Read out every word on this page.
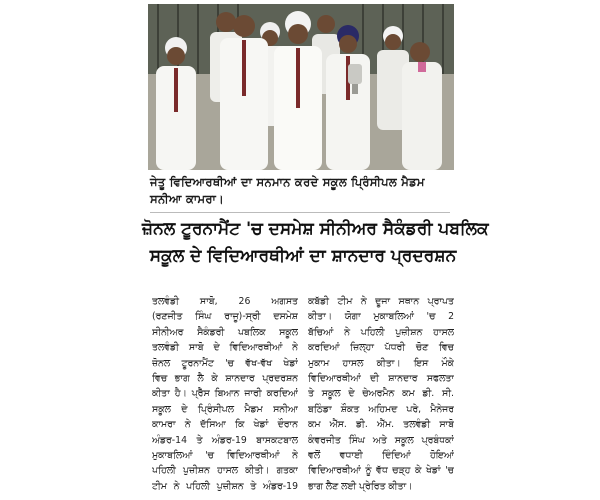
ਜੇਤੂ ਵਿਦਿਆਰਥੀਆਂ ਦਾ ਸਨਮਾਨ ਕਰਦੇ ਸਕੂਲ ਪ੍ਰਿੰਸੀਪਲ ਮੈਡਮ
ਸਨੀਆ ਕਾਮਰਾ।
ਜ਼ੋਨਲ ਟੂਰਨਾਮੈਂਟ 'ਚ ਦਸਮੇਸ਼ ਸੀਨੀਅਰ ਸੈਕੰਡਰੀ ਪਬਲਿਕ
ਸਕੂਲ ਦੇ ਵਿਦਿਆਰਥੀਆਂ ਦਾ ਸ਼ਾਨਦਾਰ ਪ੍ਰਦਰਸ਼ਨ
ਤਲਵੰਡੀ ਸਾਬੋ, 26 ਅਗਸਤ
(ਰਣਜੀਤ ਸਿੰਘ ਰਾਜੂ)-ਸ੍ਰੀ ਦਸਮੇਸ਼
ਸੀਨੀਅਰ ਸੈਕੰਡਰੀ ਪਬਲਿਕ ਸਕੂਲ
ਤਲਵੰਡੀ ਸਾਬੋ ਦੇ ਵਿਦਿਆਰਥੀਆਂ ਨੇ
ਜ਼ੋਨਲ ਟੂਰਨਾਮੈਂਟ 'ਚ ਵੱਖ-ਵੱਖ ਖੇਡਾਂ
ਵਿਚ ਭਾਗ ਲੈ ਕੇ ਸ਼ਾਨਦਾਰ ਪ੍ਰਦਰਸ਼ਨ
ਕੀਤਾ ਹੈ। ਪ੍ਰੈੱਸ ਬਿਆਨ ਜਾਰੀ ਕਰਦਿਆਂ
ਸਕੂਲ ਦੇ ਪ੍ਰਿੰਸੀਪਲ ਮੈਡਮ ਸਨੀਆ
ਕਾਮਰਾ ਨੇ ਦੱਸਿਆ ਕਿ ਖੇਡਾਂ ਦੌਰਾਨ
ਅੰਡਰ-14 ਤੇ ਅੰਡਰ-19 ਬਾਸਕਟਬਾਲ
ਮੁਕਾਬਲਿਆਂ 'ਚ ਵਿਦਿਆਰਥੀਆਂ ਨੇ
ਪਹਿਲੀ ਪੁਜ਼ੀਸ਼ਨ ਹਾਸਲ ਕੀਤੀ। ਗਤਕਾ
ਟੀਮ ਨੇ ਪਹਿਲੀ ਪੁਜ਼ੀਸ਼ਨ ਤੇ ਅੰਡਰ-19
ਕਬੱਡੀ ਟੀਮ ਨੇ ਦੂਜਾ ਸਥਾਨ ਪ੍ਰਾਪਤ
ਕੀਤਾ। ਯੋਗਾ ਮੁਕਾਬਲਿਆਂ 'ਚ 2
ਬੱਚਿਆਂ ਨੇ ਪਹਿਲੀ ਪੁਜ਼ੀਸ਼ਨ ਹਾਸਲ
ਕਰਦਿਆਂ ਜ਼ਿਲ੍ਹਾ ਪੱਧਰੀ ਚੋਣ ਵਿਚ
ਮੁਕਾਮ ਹਾਸਲ ਕੀਤਾ। ਇਸ ਮੌਕੇ
ਵਿਦਿਆਰਥੀਆਂ ਦੀ ਸ਼ਾਨਦਾਰ ਸਫਲਤਾ
ਤੇ ਸਕੂਲ ਦੇ ਚੇਅਰਮੈਨ ਕਮ ਡੀ. ਸੀ.
ਬਠਿੰਡਾ ਸ਼ੌਕਤ ਅਹਿਮਦ ਪਰੇ, ਮੈਨੇਜਰ
ਕਮ ਐੱਸ. ਡੀ. ਐੱਮ. ਤਲਵੰਡੀ ਸਾਬੋ
ਕੰਵਰਜੀਤ ਸਿੰਘ ਅਤੇ ਸਕੂਲ ਪ੍ਰਬੰਧਕਾਂ
ਵਲੋਂ ਵਧਾਈ ਦਿੰਦਿਆਂ ਹੋਇਆਂ
ਵਿਦਿਆਰਥੀਆਂ ਨੂੰ ਵੱਧ ਚੜ੍ਹ ਕੇ ਖੇਡਾਂ 'ਚ
ਭਾਗ ਲੈਣ ਲਈ ਪ੍ਰੇਰਿਤ ਕੀਤਾ।
